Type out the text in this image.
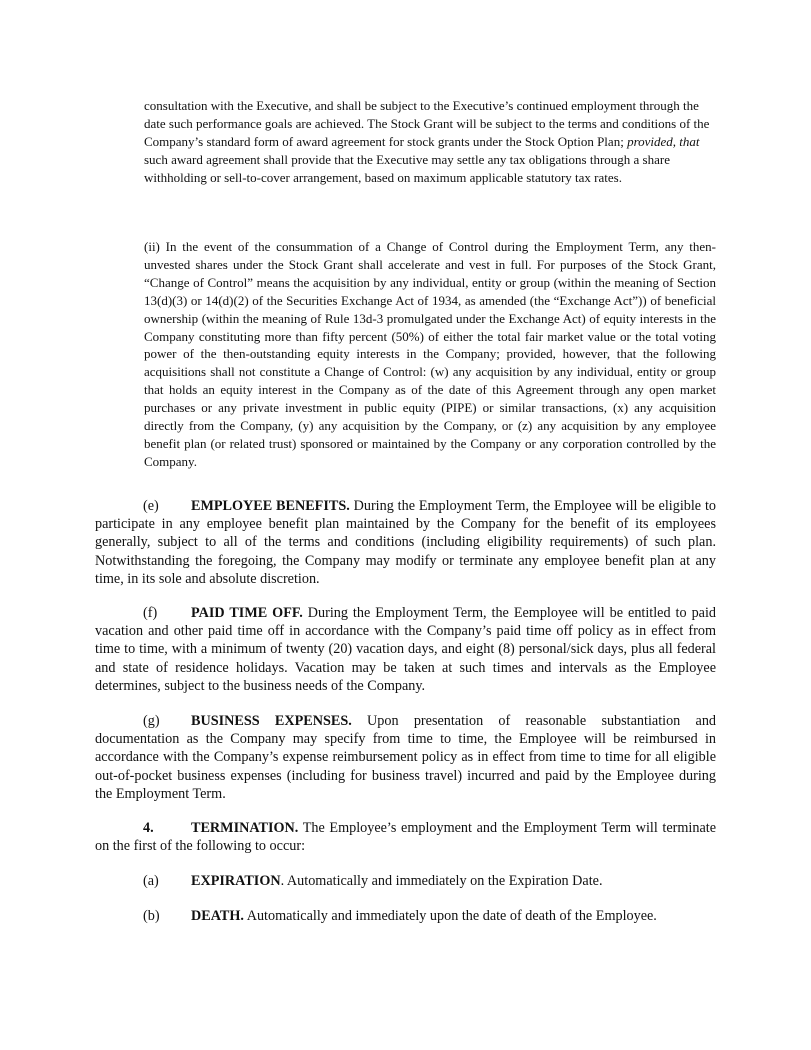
consultation with the Executive, and shall be subject to the Executive’s continued employment through the date such performance goals are achieved. The Stock Grant will be subject to the terms and conditions of the Company’s standard form of award agreement for stock grants under the Stock Option Plan; provided, that such award agreement shall provide that the Executive may settle any tax obligations through a share withholding or sell-to-cover arrangement, based on maximum applicable statutory tax rates.

(ii) In the event of the consummation of a Change of Control during the Employment Term, any then-unvested shares under the Stock Grant shall accelerate and vest in full. For purposes of the Stock Grant, “Change of Control” means the acquisition by any individual, entity or group (within the meaning of Section 13(d)(3) or 14(d)(2) of the Securities Exchange Act of 1934, as amended (the “Exchange Act”)) of beneficial ownership (within the meaning of Rule 13d-3 promulgated under the Exchange Act) of equity interests in the Company constituting more than fifty percent (50%) of either the total fair market value or the total voting power of the then-outstanding equity interests in the Company; provided, however, that the following acquisitions shall not constitute a Change of Control: (w) any acquisition by any individual, entity or group that holds an equity interest in the Company as of the date of this Agreement through any open market purchases or any private investment in public equity (PIPE) or similar transactions, (x) any acquisition directly from the Company, (y) any acquisition by the Company, or (z) any acquisition by any employee benefit plan (or related trust) sponsored or maintained by the Company or any corporation controlled by the Company.

(e) EMPLOYEE BENEFITS. During the Employment Term, the Employee will be eligible to participate in any employee benefit plan maintained by the Company for the benefit of its employees generally, subject to all of the terms and conditions (including eligibility requirements) of such plan. Notwithstanding the foregoing, the Company may modify or terminate any employee benefit plan at any time, in its sole and absolute discretion.

(f) PAID TIME OFF. During the Employment Term, the Eemployee will be entitled to paid vacation and other paid time off in accordance with the Company’s paid time off policy as in effect from time to time, with a minimum of twenty (20) vacation days, and eight (8) personal/sick days, plus all federal and state of residence holidays. Vacation may be taken at such times and intervals as the Employee determines, subject to the business needs of the Company.

(g) BUSINESS EXPENSES. Upon presentation of reasonable substantiation and documentation as the Company may specify from time to time, the Employee will be reimbursed in accordance with the Company’s expense reimbursement policy as in effect from time to time for all eligible out-of-pocket business expenses (including for business travel) incurred and paid by the Employee during the Employment Term.

4.	TERMINATION. The Employee’s employment and the Employment Term will terminate on the first of the following to occur:

(a) EXPIRATION. Automatically and immediately on the Expiration Date.

(b) DEATH. Automatically and immediately upon the date of death of the Employee.
